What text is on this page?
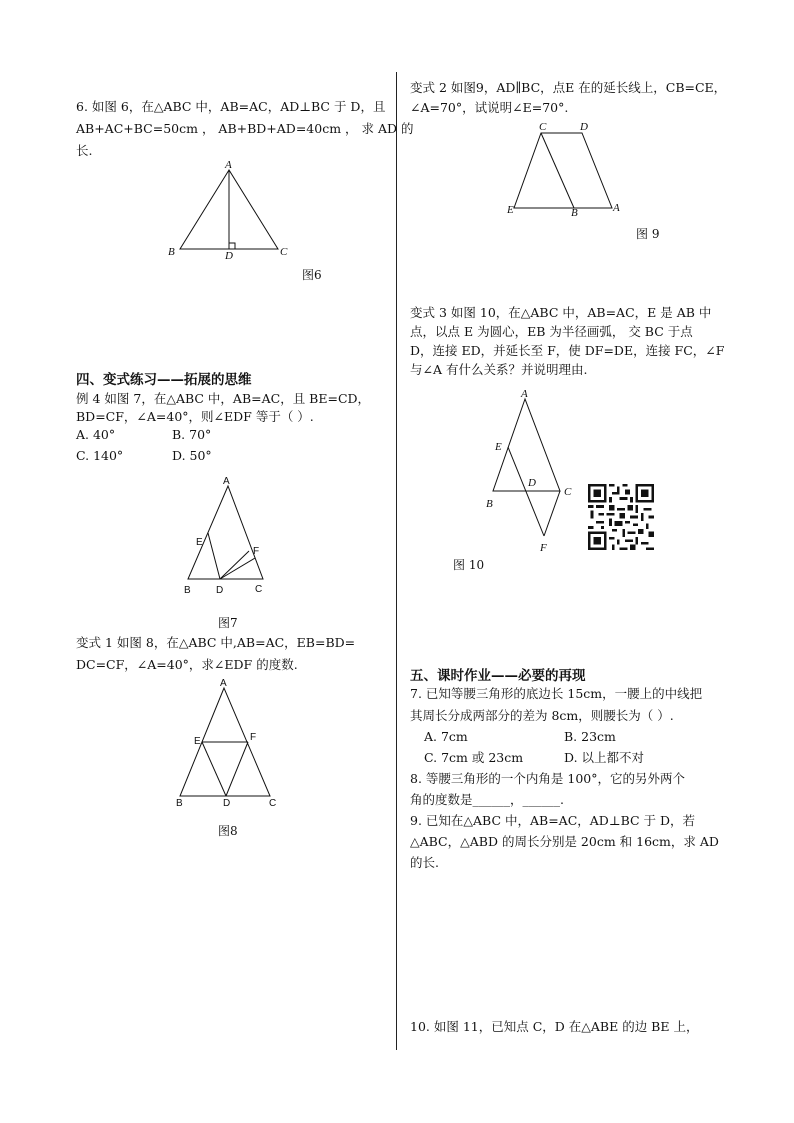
6. 如图 6，在△ABC 中，AB=AC，AD⊥BC 于 D，且
AB+AC+BC=50cm ， AB+BD+AD=40cm ， 求 AD 的
长.
A
B	C
D
图6
四、变式练习——拓展的思维
例 4 如图 7，在△ABC 中，AB=AC，且 BE=CD，
BD=CF，∠A=40°，则∠EDF 等于（ ）.
A. 40°	B. 70°
C. 140°	D. 50°
A
B	C
D
E
F
图7
变式 1 如图 8，在△ABC 中,AB=AC，EB=BD=
DC=CF，∠A=40°，求∠EDF 的度数.
A
B	C
D
E	F
图8
变式 2 如图9，AD∥BC，点E 在的延长线上，CB=CE，
∠A=70°，试说明∠E=70°.
C	D
E	B	A
图 9
变式 3 如图 10，在△ABC 中，AB=AC，E 是 AB 中
点，以点 E 为圆心，EB 为半径画弧， 交 BC 于点
D，连接 ED，并延长至 F，使 DF=DE，连接 FC，∠F
与∠A 有什么关系？并说明理由.
A
E
D
B
C
F
图 10
五、课时作业——必要的再现
7. 已知等腰三角形的底边长 15cm，一腰上的中线把
其周长分成两部分的差为 8cm，则腰长为（ ）.
A. 7cm	B. 23cm
C. 7cm 或 23cm	D. 以上都不对
8. 等腰三角形的一个内角是 100°，它的另外两个
角的度数是______，______.
9. 已知在△ABC 中，AB=AC，AD⊥BC 于 D，若
△ABC，△ABD 的周长分别是 20cm 和 16cm，求 AD
的长.
10. 如图 11，已知点 C，D 在△ABE 的边 BE 上，
